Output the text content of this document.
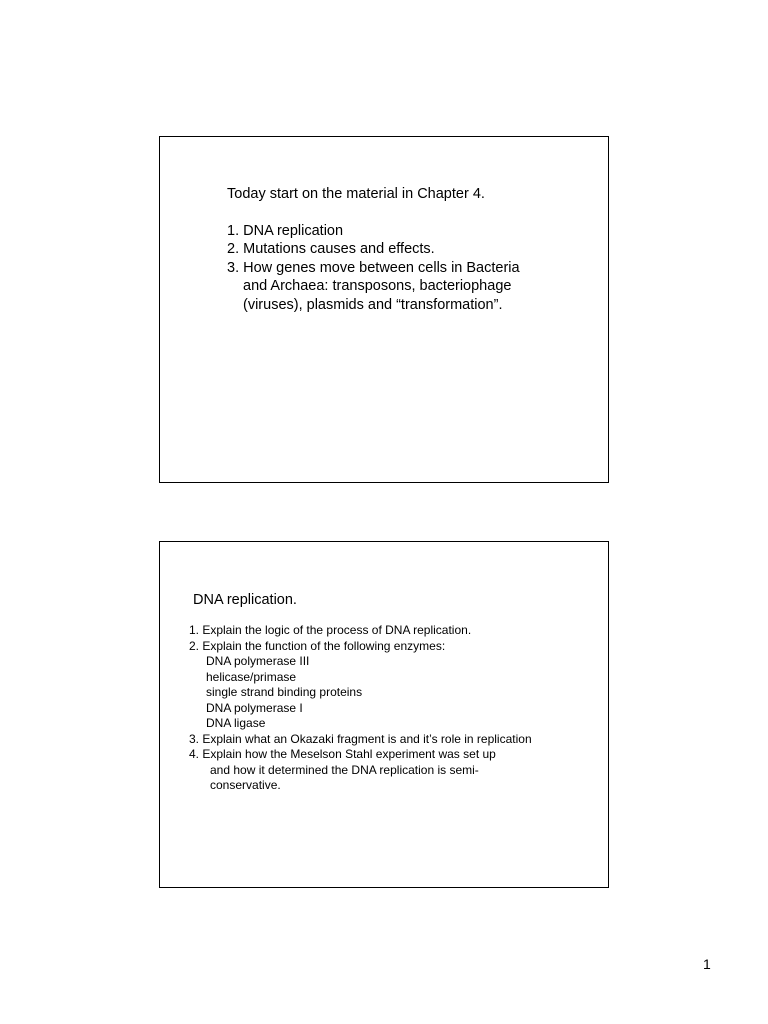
Today start on the material in Chapter 4.
1. DNA replication
2. Mutations causes and effects.
3. How genes move between cells in Bacteria
and Archaea: transposons, bacteriophage
(viruses), plasmids and “transformation”.
DNA replication.
1. Explain the logic of the process of DNA replication.
2. Explain the function of the following enzymes:
DNA polymerase III
helicase/primase
single strand binding proteins
DNA polymerase I
DNA ligase
3. Explain what an Okazaki fragment is and it’s role in replication
4. Explain how the Meselson Stahl experiment was set up
and how it determined the DNA replication is semi-
conservative.
1
